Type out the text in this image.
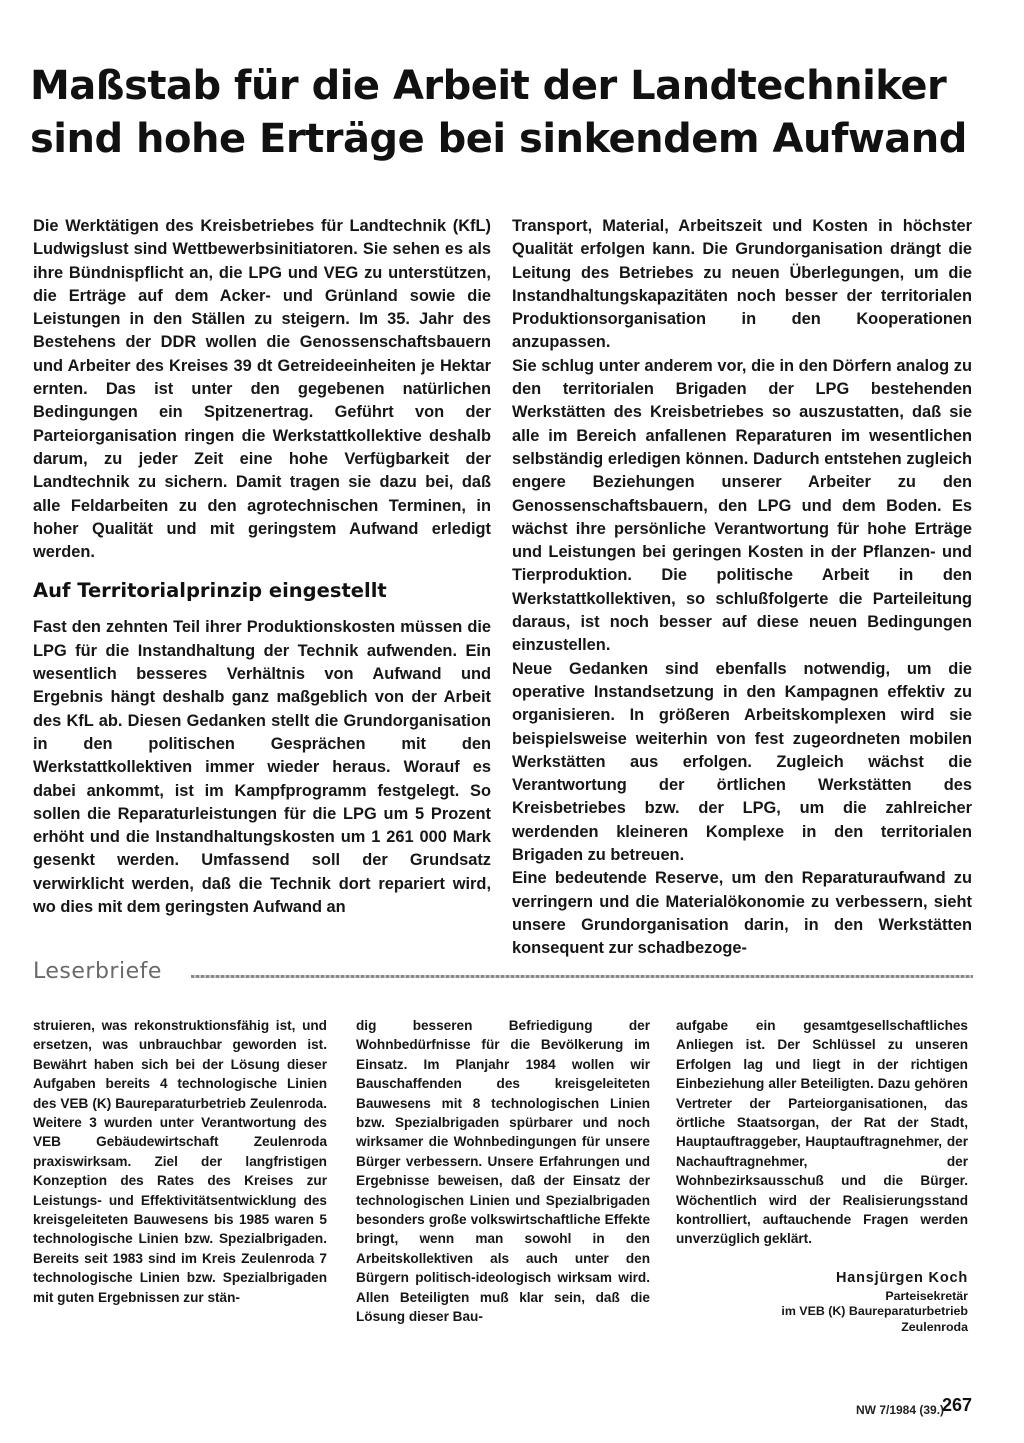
Maßstab für die Arbeit der Landtechniker
sind hohe Erträge bei sinkendem Aufwand

Die Werktätigen des Kreisbetriebes für Landtechnik (KfL) Ludwigslust sind Wettbewerbsinitiatoren. Sie sehen es als ihre Bündnispflicht an, die LPG und VEG zu unterstützen, die Erträge auf dem Acker- und Grünland sowie die Leistungen in den Ställen zu steigern. Im 35. Jahr des Bestehens der DDR wollen die Genossenschaftsbauern und Arbeiter des Kreises 39 dt Getreideeinheiten je Hektar ernten. Das ist unter den gegebenen natürlichen Bedingungen ein Spitzenertrag. Geführt von der Parteiorganisation ringen die Werkstattkollektive deshalb darum, zu jeder Zeit eine hohe Verfügbarkeit der Landtechnik zu sichern. Damit tragen sie dazu bei, daß alle Feldarbeiten zu den agrotechnischen Terminen, in hoher Qualität und mit geringstem Aufwand erledigt werden.

Auf Territorialprinzip eingestellt

Fast den zehnten Teil ihrer Produktionskosten müssen die LPG für die Instandhaltung der Technik aufwenden. Ein wesentlich besseres Verhältnis von Aufwand und Ergebnis hängt deshalb ganz maßgeblich von der Arbeit des KfL ab. Diesen Gedanken stellt die Grundorganisation in den politischen Gesprächen mit den Werkstattkollektiven immer wieder heraus. Worauf es dabei ankommt, ist im Kampfprogramm festgelegt. So sollen die Reparaturleistungen für die LPG um 5 Prozent erhöht und die Instandhaltungskosten um 1 261 000 Mark gesenkt werden. Umfassend soll der Grundsatz verwirklicht werden, daß die Technik dort repariert wird, wo dies mit dem geringsten Aufwand an

Transport, Material, Arbeitszeit und Kosten in höchster Qualität erfolgen kann. Die Grundorganisation drängt die Leitung des Betriebes zu neuen Überlegungen, um die Instandhaltungskapazitäten noch besser der territorialen Produktionsorganisation in den Kooperationen anzupassen.

Sie schlug unter anderem vor, die in den Dörfern analog zu den territorialen Brigaden der LPG bestehenden Werkstätten des Kreisbetriebes so auszustatten, daß sie alle im Bereich anfallenen Reparaturen im wesentlichen selbständig erledigen können. Dadurch entstehen zugleich engere Beziehungen unserer Arbeiter zu den Genossenschaftsbauern, den LPG und dem Boden. Es wächst ihre persönliche Verantwortung für hohe Erträge und Leistungen bei geringen Kosten in der Pflanzen- und Tierproduktion. Die politische Arbeit in den Werkstattkollektiven, so schlußfolgerte die Parteileitung daraus, ist noch besser auf diese neuen Bedingungen einzustellen.

Neue Gedanken sind ebenfalls notwendig, um die operative Instandsetzung in den Kampagnen effektiv zu organisieren. In größeren Arbeitskomplexen wird sie beispielsweise weiterhin von fest zugeordneten mobilen Werkstätten aus erfolgen. Zugleich wächst die Verantwortung der örtlichen Werkstätten des Kreisbetriebes bzw. der LPG, um die zahlreicher werdenden kleineren Komplexe in den territorialen Brigaden zu betreuen.

Eine bedeutende Reserve, um den Reparaturaufwand zu verringern und die Materialökonomie zu verbessern, sieht unsere Grundorganisation darin, in den Werkstätten konsequent zur schadbezoge-

Leserbriefe

struieren, was rekonstruktionsfähig ist, und ersetzen, was unbrauchbar geworden ist. Bewährt haben sich bei der Lösung dieser Aufgaben bereits 4 technologische Linien des VEB (K) Baureparaturbetrieb Zeulenroda. Weitere 3 wurden unter Verantwortung des VEB Gebäudewirtschaft Zeulenroda praxiswirksam. Ziel der langfristigen Konzeption des Rates des Kreises zur Leistungs- und Effektivitätsentwicklung des kreisgeleiteten Bauwesens bis 1985 waren 5 technologische Linien bzw. Spezialbrigaden. Bereits seit 1983 sind im Kreis Zeulenroda 7 technologische Linien bzw. Spezialbrigaden mit guten Ergebnissen zur stän-

dig besseren Befriedigung der Wohnbedürfnisse für die Bevölkerung im Einsatz. Im Planjahr 1984 wollen wir Bauschaffenden des kreisgeleiteten Bauwesens mit 8 technologischen Linien bzw. Spezialbrigaden spürbarer und noch wirksamer die Wohnbedingungen für unsere Bürger verbessern. Unsere Erfahrungen und Ergebnisse beweisen, daß der Einsatz der technologischen Linien und Spezialbrigaden besonders große volkswirtschaftliche Effekte bringt, wenn man sowohl in den Arbeitskollektiven als auch unter den Bürgern politisch-ideologisch wirksam wird. Allen Beteiligten muß klar sein, daß die Lösung dieser Bau-

aufgabe ein gesamtgesellschaftliches Anliegen ist. Der Schlüssel zu unseren Erfolgen lag und liegt in der richtigen Einbeziehung aller Beteiligten. Dazu gehören Vertreter der Parteiorganisationen, das örtliche Staatsorgan, der Rat der Stadt, Hauptauftraggeber, Hauptauftragnehmer, der Nachauftragnehmer, der Wohnbezirksausschuß und die Bürger. Wöchentlich wird der Realisierungsstand kontrolliert, auftauchende Fragen werden unverzüglich geklärt.

Hansjürgen Koch
Parteisekretär
im VEB (K) Baureparaturbetrieb
Zeulenroda
NW 7/1984 (39.)
267
